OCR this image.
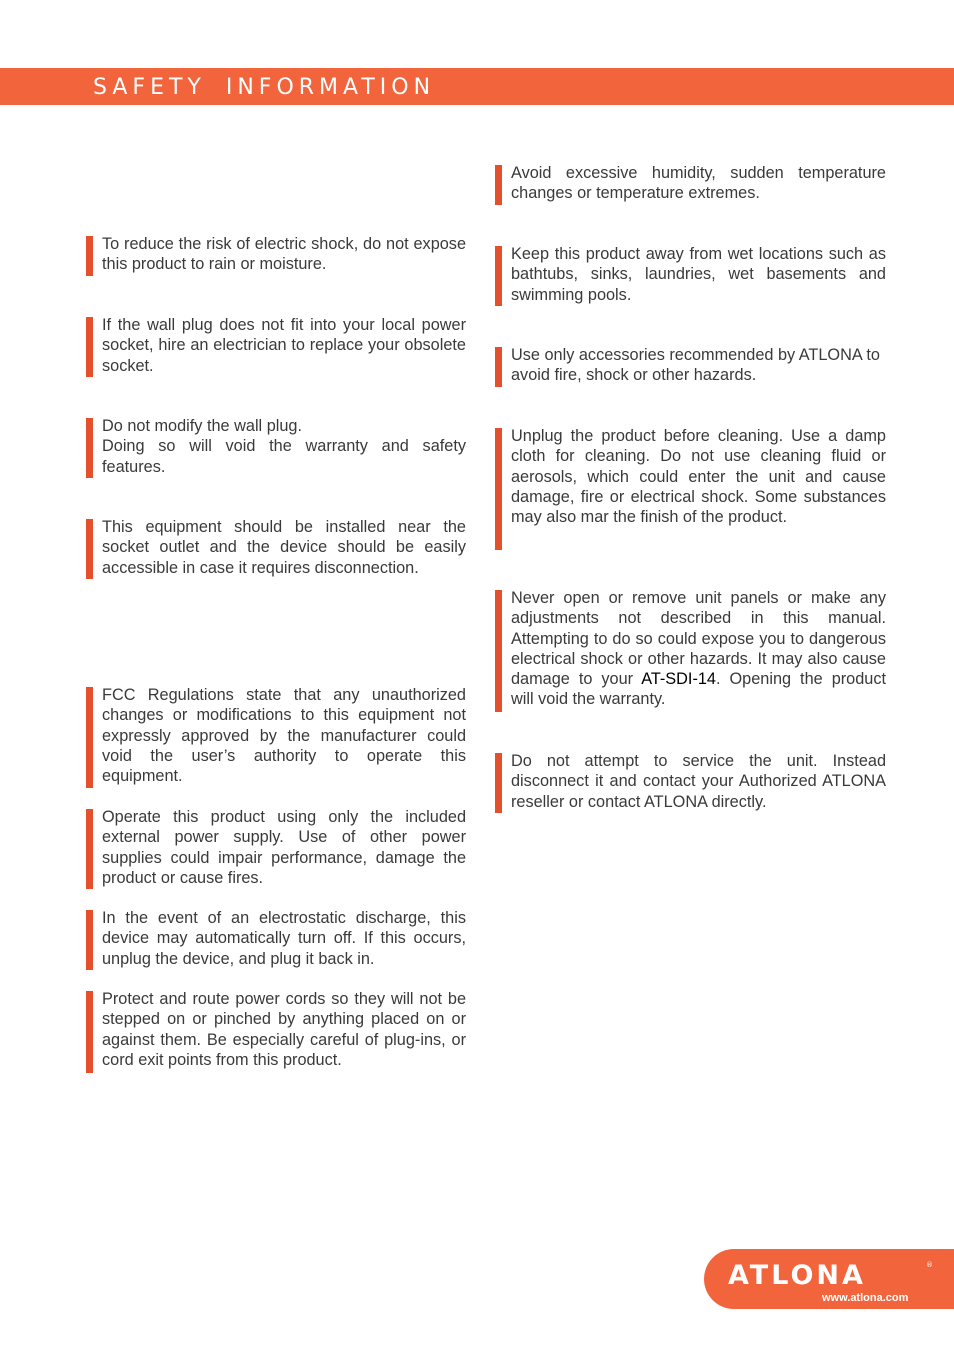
SAFETY INFORMATION
To reduce the risk of electric shock, do not expose this product to rain or moisture.
If the wall plug does not fit into your local power socket, hire an electrician to replace your obsolete socket.
Do not modify the wall plug.
Doing so will void the warranty and safety features.
This equipment should be installed near the socket outlet and the device should be easily accessible in case it requires disconnection.
FCC Regulations state that any unauthorized changes or modifications to this equipment not expressly approved by the manufacturer could void the user’s authority to operate this equipment.
Operate this product using only the included external power supply. Use of other power supplies could impair performance, damage the product or cause fires.
In the event of an electrostatic discharge, this device may automatically turn off. If this occurs, unplug the device, and plug it back in.
Protect and route power cords so they will not be stepped on or pinched by anything placed on or against them. Be especially careful of plug-ins, or cord exit points from this product.
Avoid excessive humidity, sudden temperature changes or temperature extremes.
Keep this product away from wet locations such as bathtubs, sinks, laundries, wet basements and swimming pools.
Use only accessories recommended by ATLONA to avoid fire, shock or other hazards.
Unplug the product before cleaning. Use a damp cloth for cleaning. Do not use cleaning fluid or aerosols, which could enter the unit and cause damage, fire or electrical shock. Some substances may also mar the finish of the product.
Never open or remove unit panels or make any adjustments not described in this manual. Attempting to do so could expose you to dangerous electrical shock or other hazards. It may also cause damage to your AT-SDI-14. Opening the product will void the warranty.
Do not attempt to service the unit. Instead disconnect it and contact your Authorized ATLONA reseller or contact ATLONA directly.
ATLONA	®
www.atlona.com
